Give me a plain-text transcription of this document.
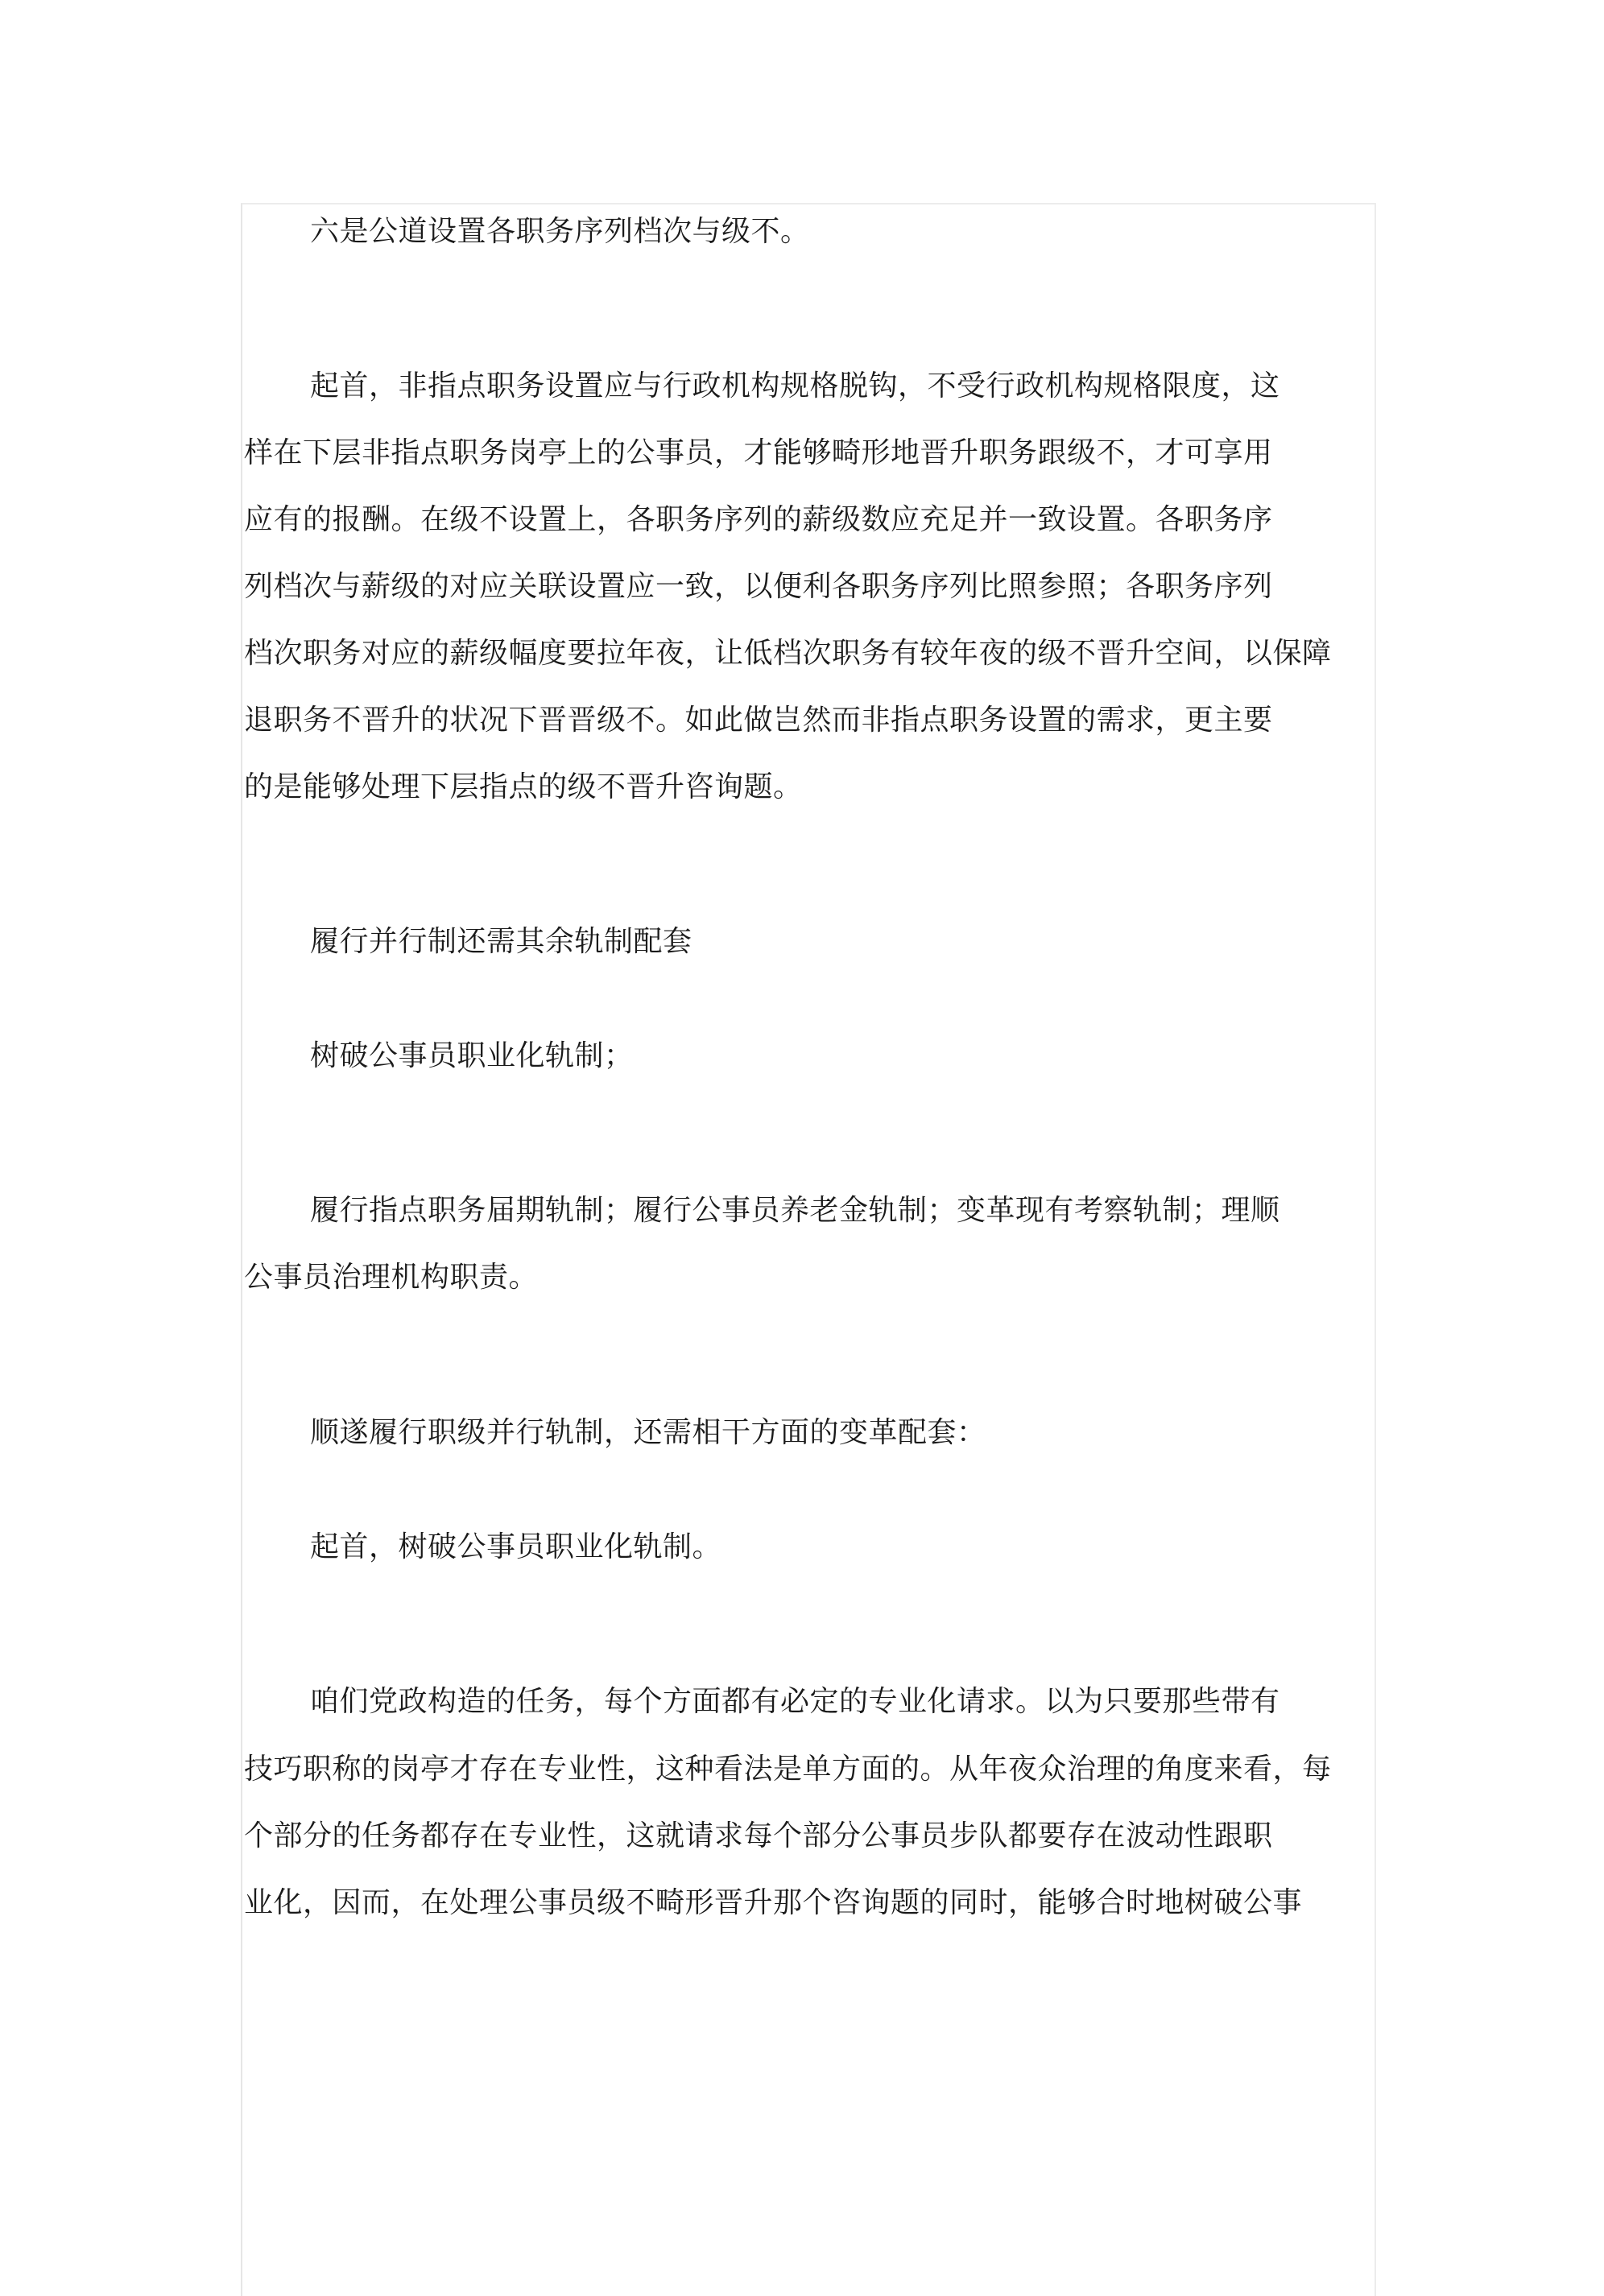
六是公道设置各职务序列档次与级不。
起首，非指点职务设置应与行政机构规格脱钩，不受行政机构规格限度，这
样在下层非指点职务岗亭上的公事员，才能够畸形地晋升职务跟级不，才可享用
应有的报酬。在级不设置上，各职务序列的薪级数应充足并一致设置。各职务序
列档次与薪级的对应关联设置应一致，以便利各职务序列比照参照；各职务序列
档次职务对应的薪级幅度要拉年夜，让低档次职务有较年夜的级不晋升空间，以保障
退职务不晋升的状况下晋晋级不。如此做岂然而非指点职务设置的需求，更主要
的是能够处理下层指点的级不晋升咨询题。
履行并行制还需其余轨制配套
树破公事员职业化轨制；
履行指点职务届期轨制；履行公事员养老金轨制；变革现有考察轨制；理顺
公事员治理机构职责。
顺遂履行职级并行轨制，还需相干方面的变革配套：
起首，树破公事员职业化轨制。
咱们党政构造的任务，每个方面都有必定的专业化请求。以为只要那些带有
技巧职称的岗亭才存在专业性，这种看法是单方面的。从年夜众治理的角度来看，每
个部分的任务都存在专业性，这就请求每个部分公事员步队都要存在波动性跟职
业化，因而，在处理公事员级不畸形晋升那个咨询题的同时，能够合时地树破公事
